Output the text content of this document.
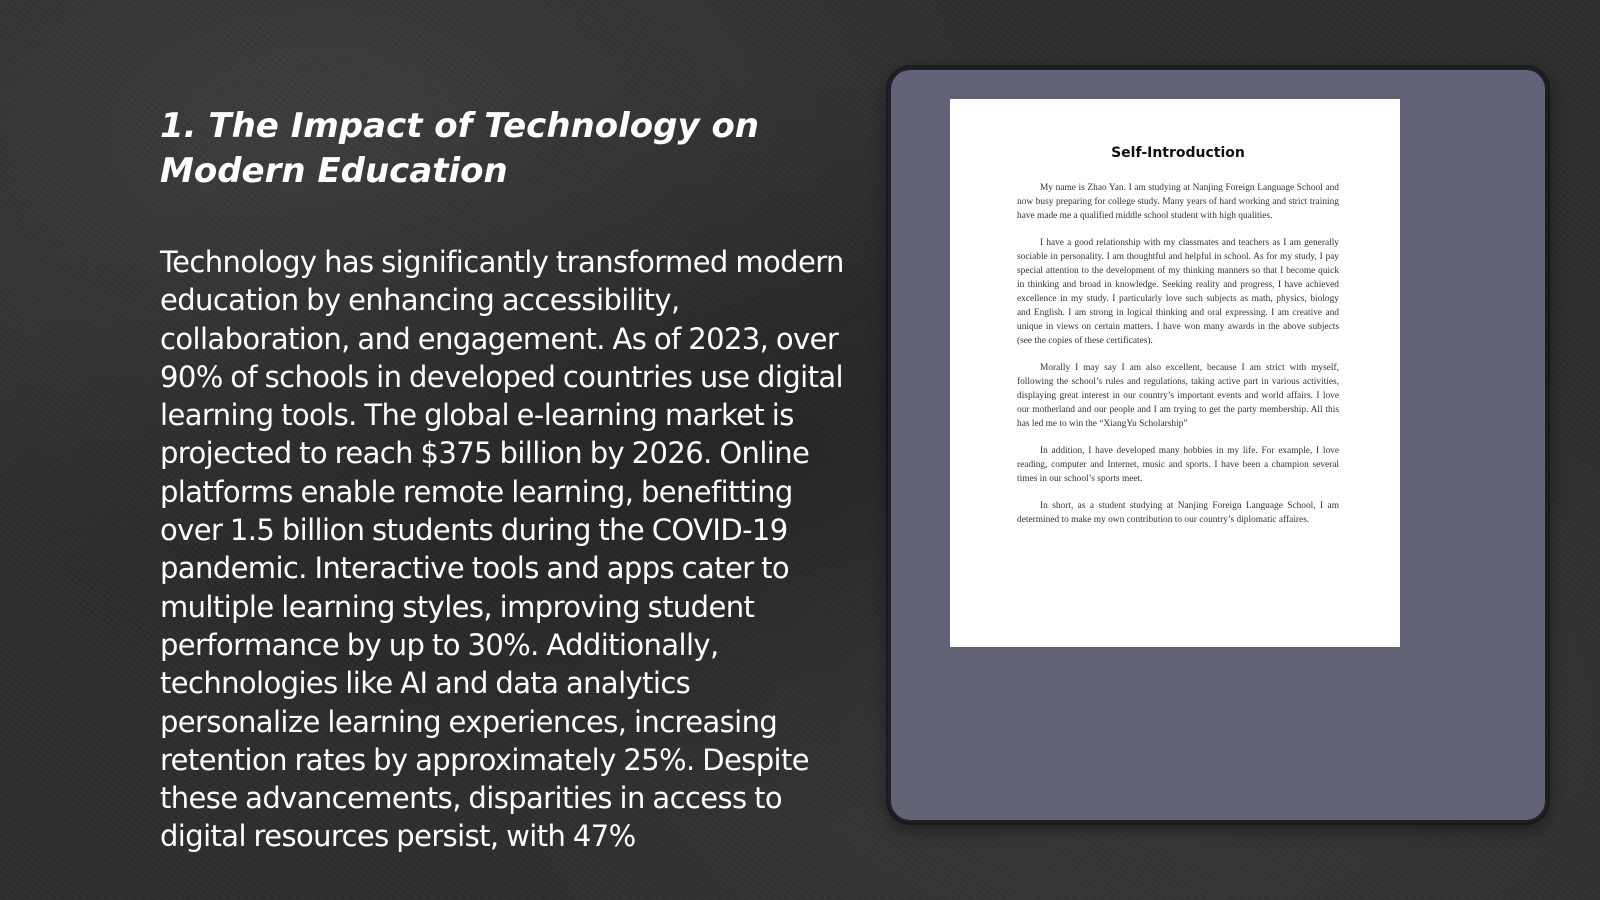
1. The Impact of Technology on Modern Education

Technology has significantly transformed modern education by enhancing accessibility, collaboration, and engagement. As of 2023, over 90% of schools in developed countries use digital learning tools. The global e-learning market is projected to reach $375 billion by 2026. Online platforms enable remote learning, benefitting over 1.5 billion students during the COVID-19 pandemic. Interactive tools and apps cater to multiple learning styles, improving student performance by up to 30%. Additionally, technologies like AI and data analytics personalize learning experiences, increasing retention rates by approximately 25%. Despite these advancements, disparities in access to digital resources persist, with 47%

Self-Introduction

My name is Zhao Yan. I am studying at Nanjing Foreign Language School and now busy preparing for college study. Many years of hard working and strict training have made me a qualified middle school student with high qualities.

I have a good relationship with my classmates and teachers as I am generally sociable in personality. I am thoughtful and helpful in school. As for my study, I pay special attention to the development of my thinking manners so that I become quick in thinking and broad in knowledge. Seeking reality and progress, I have achieved excellence in my study. I particularly love such subjects as math, physics, biology and English. I am strong in logical thinking and oral expressing. I am creative and unique in views on certain matters. I have won many awards in the above subjects (see the copies of these certificates).

Morally I may say I am also excellent, because I am strict with myself, following the school’s rules and regulations, taking active part in various activities, displaying great interest in our country’s important events and world affairs. I love our motherland and our people and I am trying to get the party membership. All this has led me to win the “XiangYu Scholarship”

In addition, I have developed many hobbies in my life. For example, I love reading, computer and Internet, music and sports. I have been a champion several times in our school’s sports meet.

In short, as a student studying at Nanjing Foreign Language School, I am determined to make my own contribution to our country’s diplomatic affaires.
